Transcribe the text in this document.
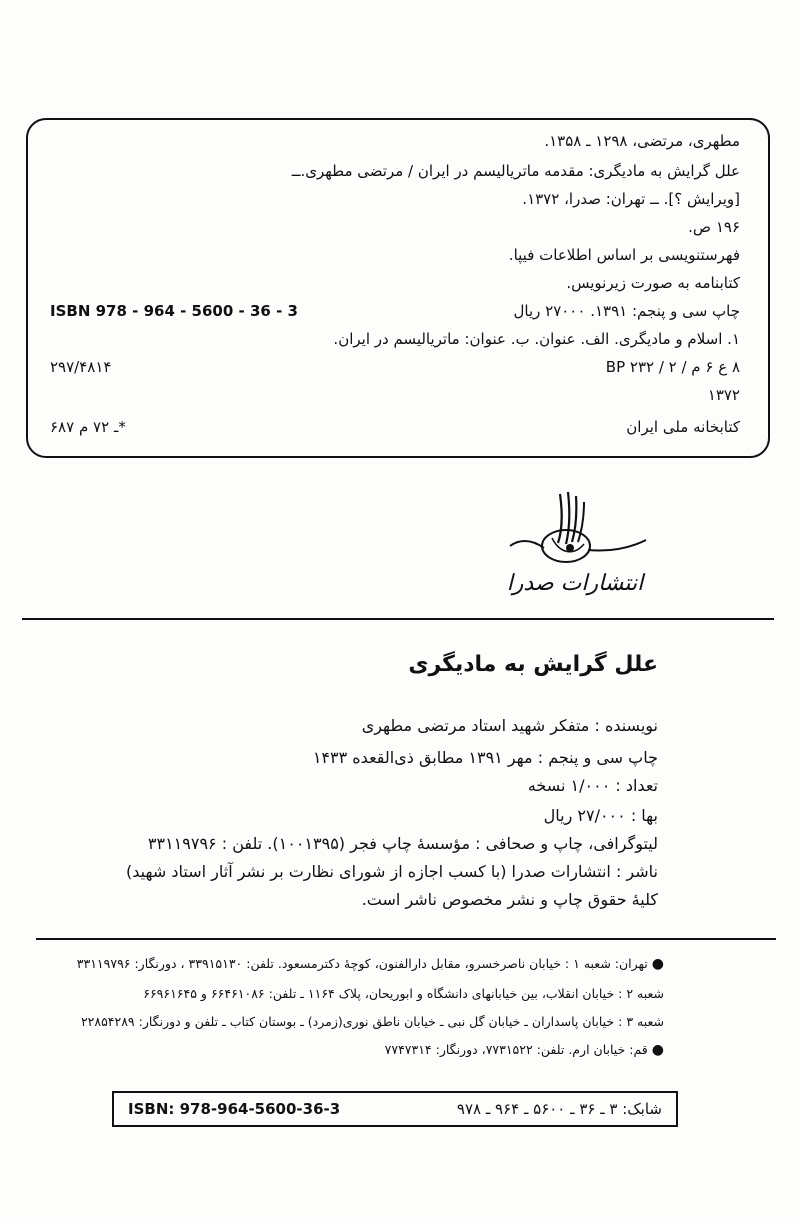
مطهری، مرتضی، ۱۲۹۸ ـ ۱۳۵۸.
علل گرایش به مادیگری: مقدمه ماتریالیسم در ایران / مرتضی مطهری.ــ
[ویرایش ؟]. ــ تهران: صدرا، ۱۳۷۲.
۱۹۶ ص.
فهرستنویسی بر اساس اطلاعات فیپا.
کتابنامه به صورت زیرنویس.
چاپ سی و پنجم: ۱۳۹۱. ۲۷۰۰۰ ریال
ISBN 978 - 964 - 5600 - 36 - 3
۱. اسلام و مادیگری. الف. عنوان. ب. عنوان: ماتریالیسم در ایران.
۸ ع ۶ م / ۲ / BP ۲۳۲
۲۹۷/۴۸۱۴
۱۳۷۲
کتابخانه ملی ایران
۶۸۷ ـ ۷۲ م‌*
انتشارات صدرا
علل گرایش به مادیگری
نویسنده : متفکر شهید استاد مرتضی مطهری
چاپ سی و پنجم : مهر ۱۳۹۱ مطابق ذی‌القعده ۱۴۳۳
تعداد : ۱/۰۰۰ نسخه
بها : ۲۷/۰۰۰ ریال
لیتوگرافی، چاپ و صحافی : مؤسسهٔ چاپ فجر (۱۰۰۱۳۹۵). تلفن : ۳۳۱۱۹۷۹۶
ناشر : انتشارات صدرا (با کسب اجازه از شورای نظارت بر نشر آثار استاد شهید)
کلیهٔ حقوق چاپ و نشر مخصوص ناشر است.
●تهران: شعبه ۱ : خیابان ناصرخسرو، مقابل دارالفنون، کوچهٔ دکترمسعود. تلفن: ۳۳۹۱۵۱۳۰ ، دورنگار: ۳۳۱۱۹۷۹۶
شعبه ۲ : خیابان انقلاب، بین خیابانهای دانشگاه و ابوریحان، پلاک ۱۱۶۴ ـ تلفن: ۶۶۴۶۱۰۸۶ و ۶۶۹۶۱۶۴۵
شعبه ۳ : خیابان پاسداران ـ خیابان گل نبی ـ خیابان ناطق نوری(زمرد) ـ بوستان کتاب ـ تلفن و دورنگار: ۲۲۸۵۴۲۸۹
●قم: خیابان ارم. تلفن: ۷۷۳۱۵۲۲، دورنگار: ۷۷۴۷۳۱۴
ISBN: 978-964-5600-36-3	شابک: ۳ ـ ۳۶ ـ ۵۶۰۰ ـ ۹۶۴ ـ ۹۷۸
